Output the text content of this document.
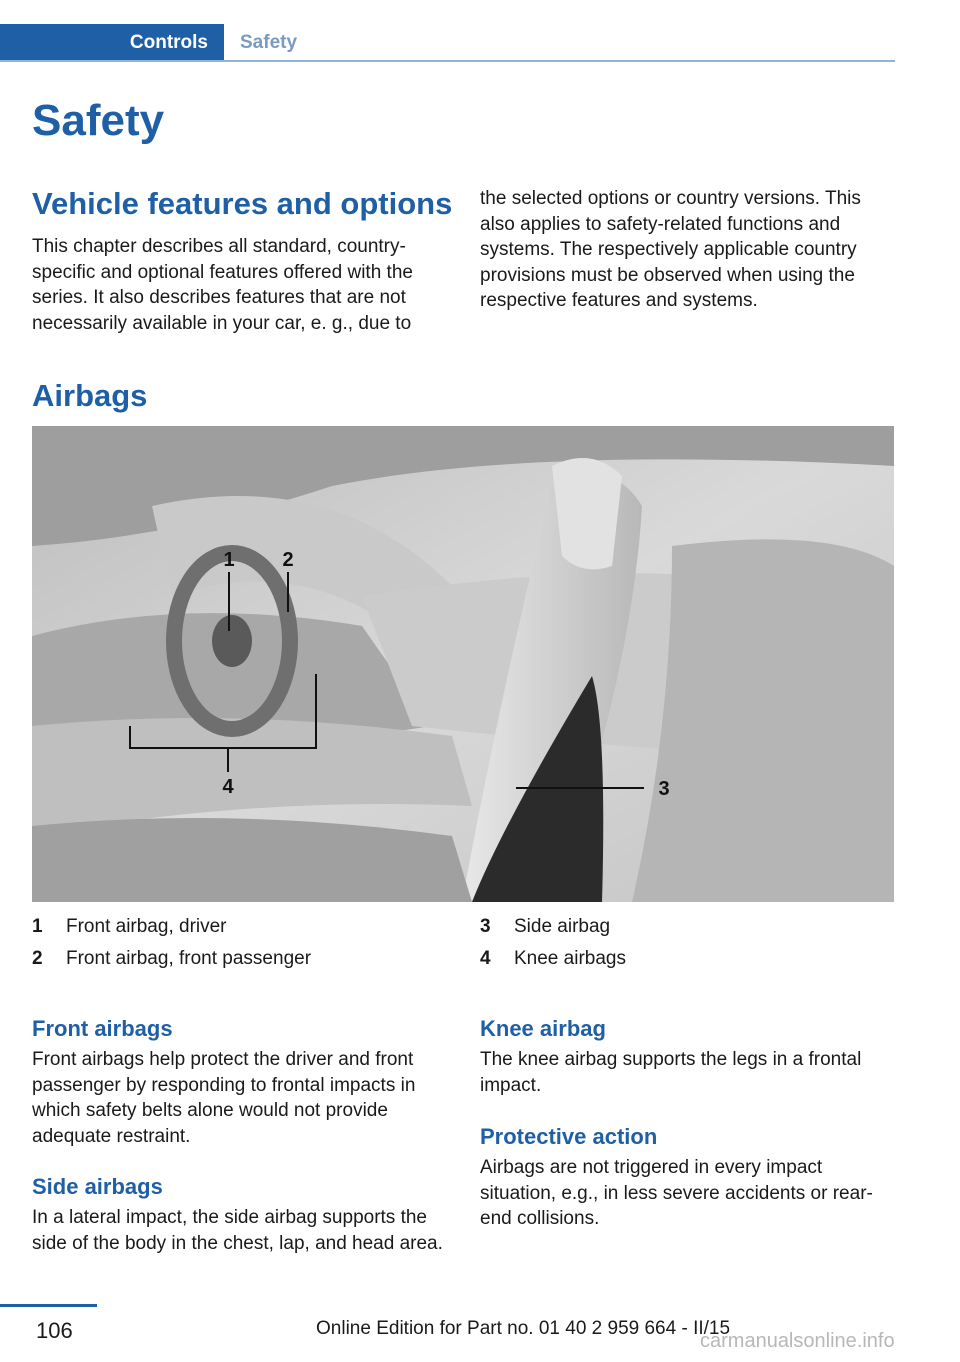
Controls	Safety
Safety
Vehicle features and options

This chapter describes all standard, country-specific and optional features offered with the series. It also describes features that are not necessarily available in your car, e. g., due to

the selected options or country versions. This also applies to safety-related functions and systems. The respectively applicable country provisions must be observed when using the respective features and systems.

Airbags
1 2
3
4
1 Front airbag, driver
2 Front airbag, front passenger
3 Side airbag
4 Knee airbags
Front airbags

Front airbags help protect the driver and front passenger by responding to frontal impacts in which safety belts alone would not provide adequate restraint.

Side airbags

In a lateral impact, the side airbag supports the side of the body in the chest, lap, and head area.

Knee airbag

The knee airbag supports the legs in a frontal impact.

Protective action

Airbags are not triggered in every impact situation, e.g., in less severe accidents or rear-end collisions.

106	Online Edition for Part no. 01 40 2 959 664 - II/15
carmanualsonline.info
